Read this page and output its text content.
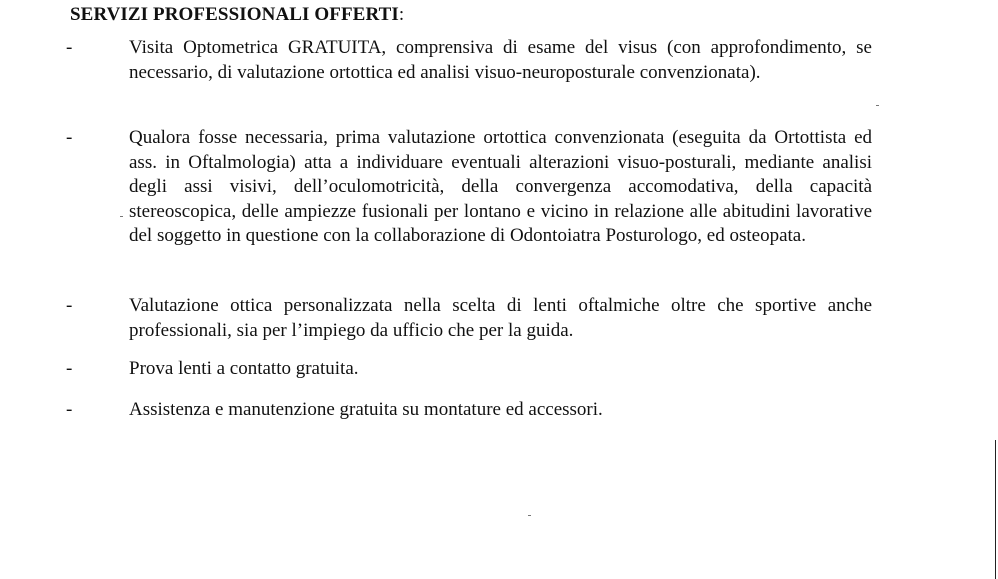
SERVIZI PROFESSIONALI OFFERTI:
-	Visita Optometrica GRATUITA, comprensiva di esame del visus (con approfondimento, se necessario, di valutazione ortottica ed analisi visuo-neuroposturale convenzionata).
-	Qualora fosse necessaria, prima valutazione ortottica convenzionata (eseguita da Ortottista ed ass. in Oftalmologia) atta a individuare eventuali alterazioni visuo-posturali, mediante analisi degli assi visivi, dell’oculomotricità, della convergenza accomodativa, della capacità stereoscopica, delle ampiezze fusionali per lontano e vicino in relazione alle abitudini lavorative del soggetto in questione con la collaborazione di Odontoiatra Posturologo, ed osteopata.
-	Valutazione ottica personalizzata nella scelta di lenti oftalmiche oltre che sportive anche professionali, sia per l’impiego da ufficio che per la guida.
-	Prova lenti a contatto gratuita.
-	Assistenza e manutenzione gratuita su montature ed accessori.
